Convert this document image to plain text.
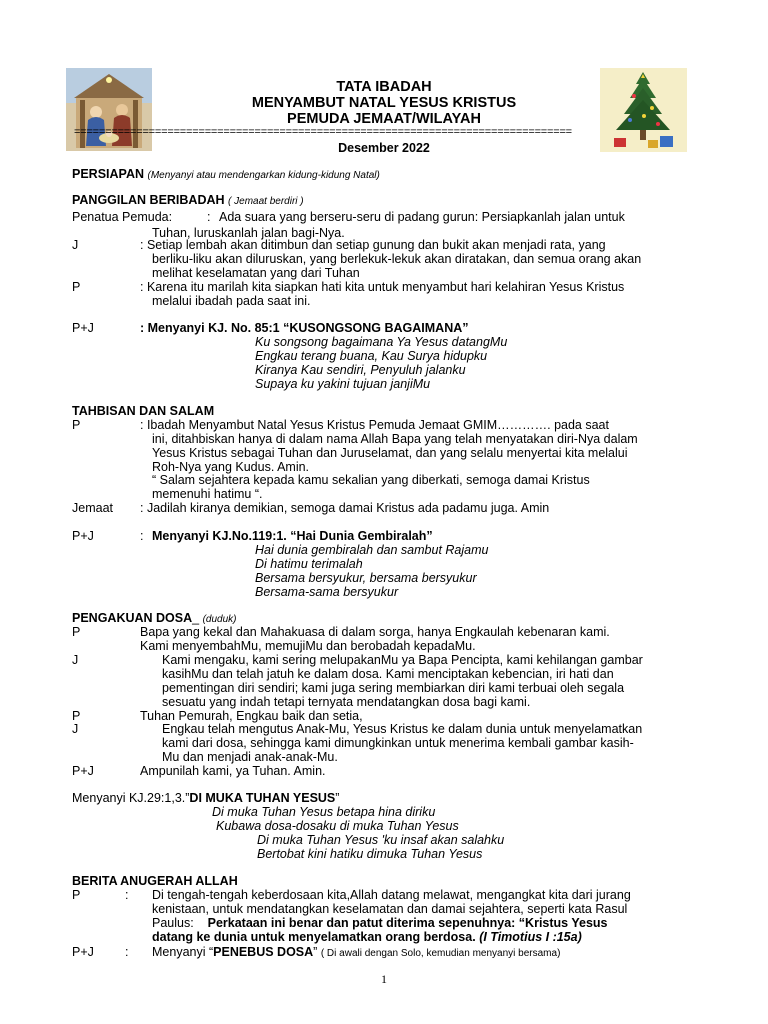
TATA IBADAH
MENYAMBUT NATAL YESUS KRISTUS
PEMUDA JEMAAT/WILAYAH
================================================================================
Desember 2022
PERSIAPAN (Menyanyi atau mendengarkan kidung-kidung Natal)
PANGGILAN BERIBADAH ( Jemaat berdiri )
Penatua Pemuda:	: Ada suara yang berseru-seru di padang gurun: Persiapkanlah jalan untuk
Tuhan, luruskanlah jalan bagi-Nya.
J	: Setiap lembah akan ditimbun dan setiap gunung dan bukit akan menjadi rata, yang
berliku-liku akan diluruskan, yang berlekuk-lekuk akan diratakan, dan semua orang akan
melihat keselamatan yang dari Tuhan
P	: Karena itu marilah kita siapkan hati kita untuk menyambut hari kelahiran Yesus Kristus
melalui ibadah pada saat ini.
P+J	: Menyanyi KJ. No. 85:1 “KUSONGSONG BAGAIMANA”
Ku songsong bagaimana Ya Yesus datangMu
Engkau terang buana, Kau Surya hidupku
Kiranya Kau sendiri, Penyuluh jalanku
Supaya ku yakini tujuan janjiMu
TAHBISAN DAN SALAM
P	: Ibadah Menyambut Natal Yesus Kristus Pemuda Jemaat GMIM…………. pada saat
ini, ditahbiskan hanya di dalam nama Allah Bapa yang telah menyatakan diri-Nya dalam
Yesus Kristus sebagai Tuhan dan Juruselamat, dan yang selalu menyertai kita melalui
Roh-Nya yang Kudus. Amin.
“ Salam sejahtera kepada kamu sekalian yang diberkati, semoga damai Kristus
memenuhi hatimu “.
Jemaat : Jadilah kiranya demikian, semoga damai Kristus ada padamu juga. Amin
P+J	: Menyanyi KJ.No.119:1. “Hai Dunia Gembiralah”
Hai dunia gembiralah dan sambut Rajamu
Di hatimu terimalah
Bersama bersyukur, bersama bersyukur
Bersama-sama bersyukur
PENGAKUAN DOSA_ (duduk)
P	Bapa yang kekal dan Mahakuasa di dalam sorga, hanya Engkaulah kebenaran kami.
Kami menyembahMu, memujiMu dan berobadah kepadaMu.
J	Kami mengaku, kami sering melupakanMu ya Bapa Pencipta, kami kehilangan gambar
kasihMu dan telah jatuh ke dalam dosa. Kami menciptakan kebencian, iri hati dan
pementingan diri sendiri; kami juga sering membiarkan diri kami terbuai oleh segala
sesuatu yang indah tetapi ternyata mendatangkan dosa bagi kami.
P	Tuhan Pemurah, Engkau baik dan setia,
J	Engkau telah mengutus Anak-Mu, Yesus Kristus ke dalam dunia untuk menyelamatkan
kami dari dosa, sehingga kami dimungkinkan untuk menerima kembali gambar kasih-
Mu dan menjadi anak-anak-Mu.
P+J	Ampunilah kami, ya Tuhan. Amin.
Menyanyi KJ.29:1,3.”DI MUKA TUHAN YESUS”
Di muka Tuhan Yesus betapa hina diriku
Kubawa dosa-dosaku di muka Tuhan Yesus
Di muka Tuhan Yesus 'ku insaf akan salahku
Bertobat kini hatiku dimuka Tuhan Yesus
BERITA ANUGERAH ALLAH
P	: Di tengah-tengah keberdosaan kita,Allah datang melawat, mengangkat kita dari jurang
kenistaan, untuk mendatangkan keselamatan dan damai sejahtera, seperti kata Rasul
Paulus: Perkataan ini benar dan patut diterima sepenuhnya: “Kristus Yesus
datang ke dunia untuk menyelamatkan orang berdosa. (I Timotius I :15a)
P+J : Menyanyi “PENEBUS DOSA” ( Di awali dengan Solo, kemudian menyanyi bersama)
1
